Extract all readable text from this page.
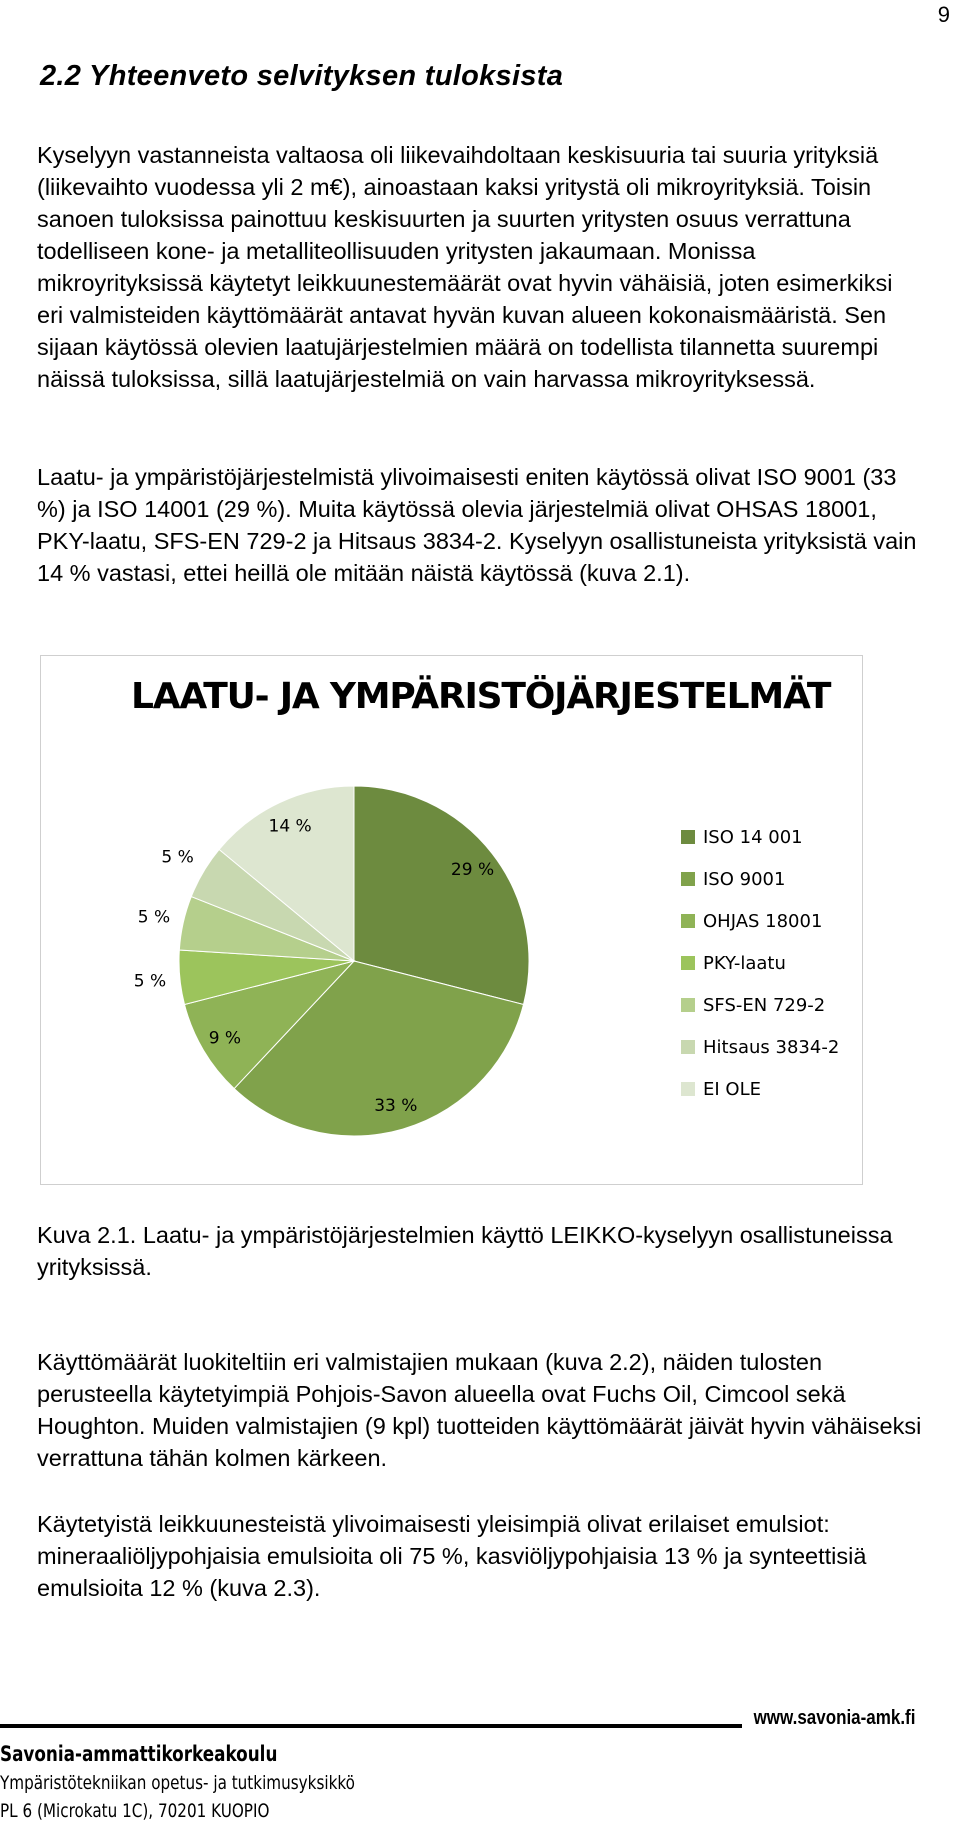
9
2.2 Yhteenveto selvityksen tuloksista

Kyselyyn vastanneista valtaosa oli liikevaihdoltaan keskisuuria tai suuria yrityksiä (liikevaihto vuodessa yli 2 m€), ainoastaan kaksi yritystä oli mikroyrityksiä. Toisin sanoen tuloksissa painottuu keskisuurten ja suurten yritysten osuus verrattuna todelliseen kone- ja metalliteollisuuden yritysten jakaumaan. Monissa mikroyrityksissä käytetyt leikkuunestemäärät ovat hyvin vähäisiä, joten esimerkiksi eri valmisteiden käyttömäärät antavat hyvän kuvan alueen kokonaismääristä. Sen sijaan käytössä olevien laatujärjestelmien määrä on todellista tilannetta suurempi näissä tuloksissa, sillä laatujärjestelmiä on vain harvassa mikroyrityksessä.

Laatu- ja ympäristöjärjestelmistä ylivoimaisesti eniten käytössä olivat ISO 9001 (33 %) ja ISO 14001 (29 %). Muita käytössä olevia järjestelmiä olivat OHSAS 18001, PKY-laatu, SFS-EN 729-2 ja Hitsaus 3834-2. Kyselyyn osallistuneista yrityksistä vain 14 % vastasi, ettei heillä ole mitään näistä käytössä (kuva 2.1).

LAATU- JA YMPÄRISTÖJÄRJESTELMÄT
29 %
33 %
9 %
5 %
5 %
5 %
14 %
ISO 14 001
ISO 9001
OHJAS 18001
PKY-laatu
SFS-EN 729-2
Hitsaus 3834-2
EI OLE

Kuva 2.1. Laatu- ja ympäristöjärjestelmien käyttö LEIKKO-kyselyyn osallistuneissa yrityksissä.

Käyttömäärät luokiteltiin eri valmistajien mukaan (kuva 2.2), näiden tulosten perusteella käytetyimpiä Pohjois-Savon alueella ovat Fuchs Oil, Cimcool sekä Houghton. Muiden valmistajien (9 kpl) tuotteiden käyttömäärät jäivät hyvin vähäiseksi verrattuna tähän kolmen kärkeen.

Käytetyistä leikkuunesteistä ylivoimaisesti yleisimpiä olivat erilaiset emulsiot: mineraaliöljypohjaisia emulsioita oli 75 %, kasviöljypohjaisia 13 % ja synteettisiä emulsioita 12 % (kuva 2.3).

www.savonia-amk.fi
Savonia-ammattikorkeakoulu
Ympäristötekniikan opetus- ja tutkimusyksikkö
PL 6 (Microkatu 1C), 70201 KUOPIO
